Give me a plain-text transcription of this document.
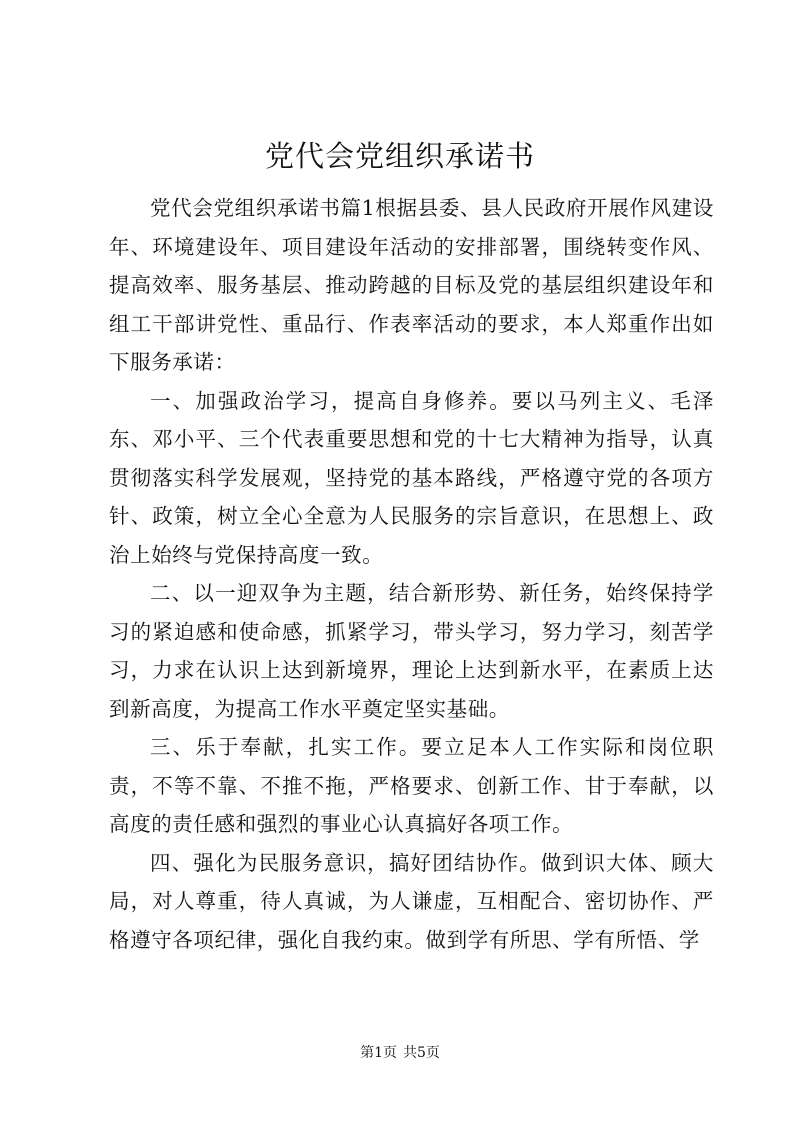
党代会党组织承诺书

党代会党组织承诺书篇1根据县委、县人民政府开展作风建设年、环境建设年、项目建设年活动的安排部署，围绕转变作风、提高效率、服务基层、推动跨越的目标及党的基层组织建设年和组工干部讲党性、重品行、作表率活动的要求，本人郑重作出如下服务承诺：

一、加强政治学习，提高自身修养。要以马列主义、毛泽东、邓小平、三个代表重要思想和党的十七大精神为指导，认真贯彻落实科学发展观，坚持党的基本路线，严格遵守党的各项方针、政策，树立全心全意为人民服务的宗旨意识，在思想上、政治上始终与党保持高度一致。

二、以一迎双争为主题，结合新形势、新任务，始终保持学习的紧迫感和使命感，抓紧学习，带头学习，努力学习，刻苦学习，力求在认识上达到新境界，理论上达到新水平，在素质上达到新高度，为提高工作水平奠定坚实基础。

三、乐于奉献，扎实工作。要立足本人工作实际和岗位职责，不等不靠、不推不拖，严格要求、创新工作、甘于奉献，以高度的责任感和强烈的事业心认真搞好各项工作。

四、强化为民服务意识，搞好团结协作。做到识大体、顾大局，对人尊重，待人真诚，为人谦虚，互相配合、密切协作、严格遵守各项纪律，强化自我约束。做到学有所思、学有所悟、学

第1页 共5页
